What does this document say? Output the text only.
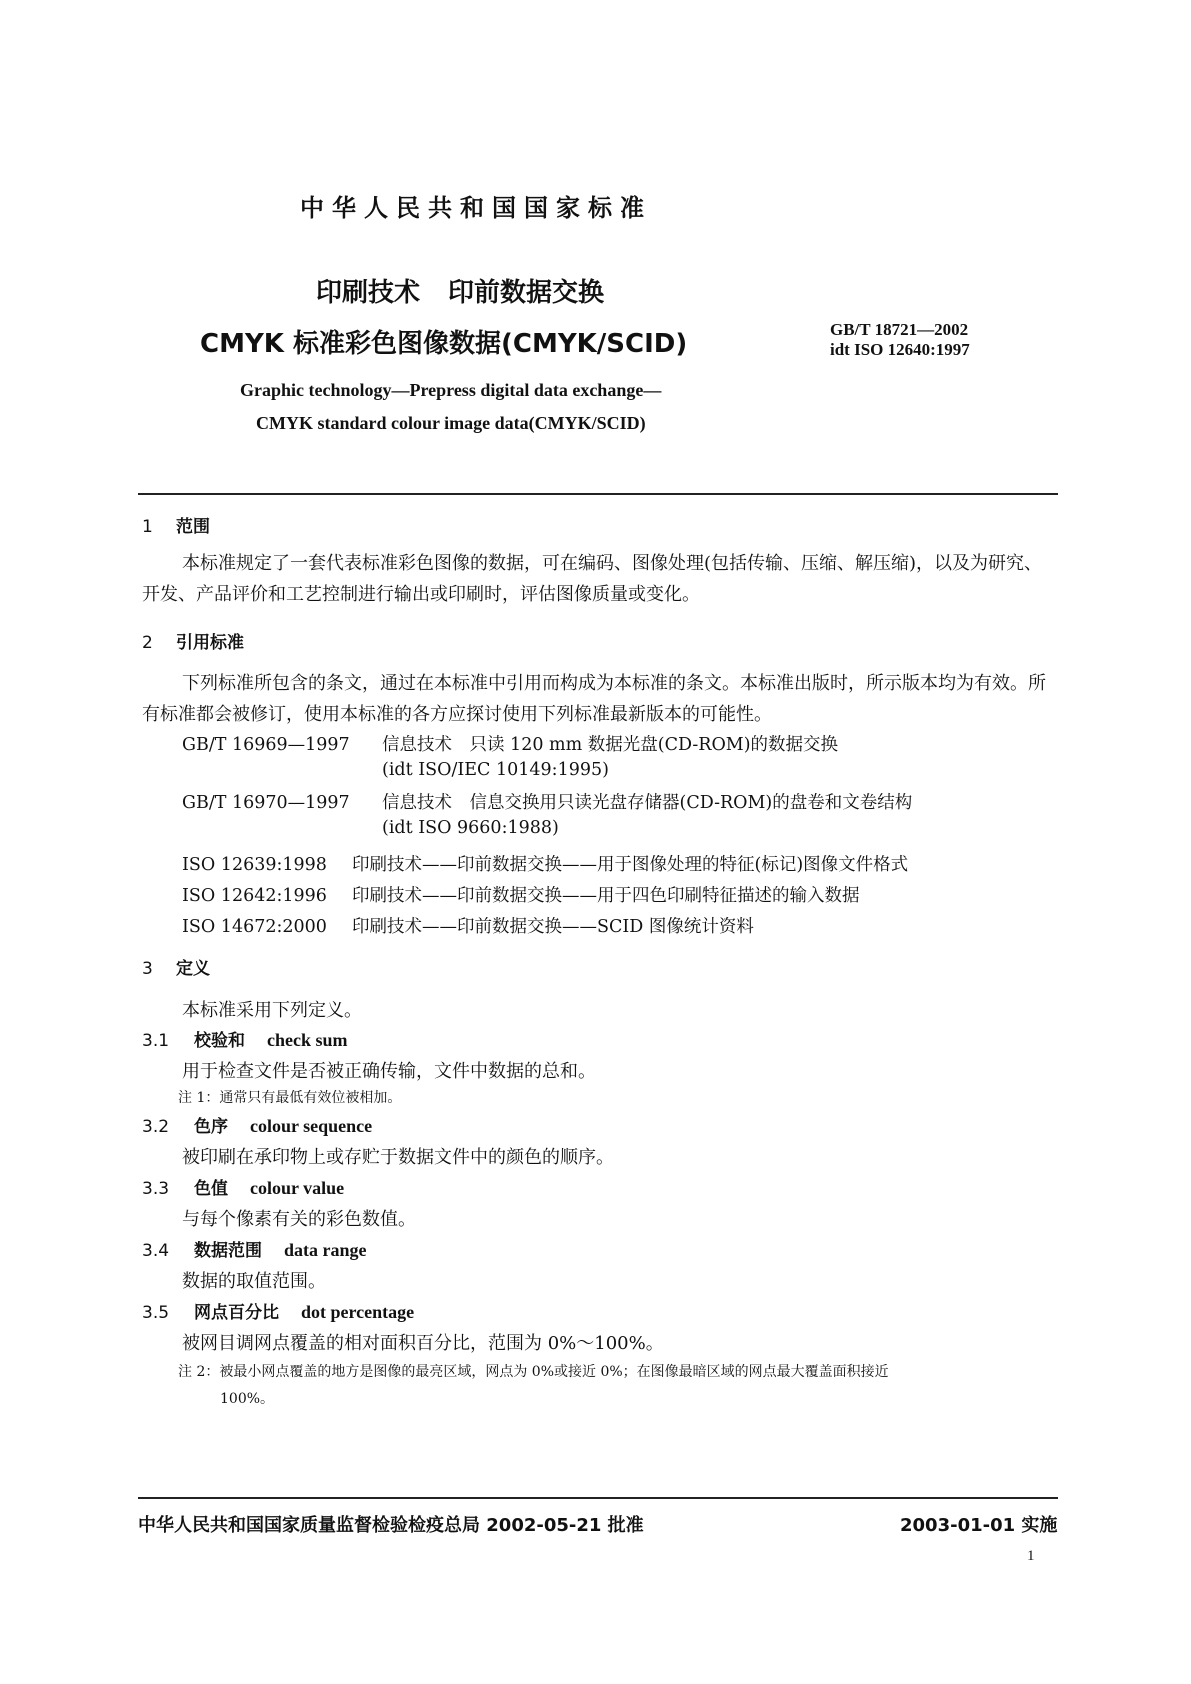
中华人民共和国国家标准
印刷技术 印前数据交换
CMYK 标准彩色图像数据(CMYK/SCID)	GB/T 18721—2002
idt ISO 12640:1997
Graphic technology—Prepress digital data exchange—
CMYK standard colour image data(CMYK/SCID)
1 范围
本标准规定了一套代表标准彩色图像的数据，可在编码、图像处理(包括传输、压缩、解压缩)，以及为研究、开发、产品评价和工艺控制进行输出或印刷时，评估图像质量或变化。
2 引用标准
下列标准所包含的条文，通过在本标准中引用而构成为本标准的条文。本标准出版时，所示版本均为有效。所有标准都会被修订，使用本标准的各方应探讨使用下列标准最新版本的可能性。
GB/T 16969—1997 信息技术　只读 120 mm 数据光盘(CD-ROM)的数据交换
(idt ISO/IEC 10149:1995)
GB/T 16970—1997 信息技术　信息交换用只读光盘存储器(CD-ROM)的盘卷和文卷结构
(idt ISO 9660:1988)
ISO 12639:1998 印刷技术——印前数据交换——用于图像处理的特征(标记)图像文件格式
ISO 12642:1996 印刷技术——印前数据交换——用于四色印刷特征描述的输入数据
ISO 14672:2000 印刷技术——印前数据交换——SCID 图像统计资料
3 定义
本标准采用下列定义。
3.1 校验和 check sum
用于检查文件是否被正确传输，文件中数据的总和。
注 1：通常只有最低有效位被相加。
3.2 色序 colour sequence
被印刷在承印物上或存贮于数据文件中的颜色的顺序。
3.3 色值 colour value
与每个像素有关的彩色数值。
3.4 数据范围 data range
数据的取值范围。
3.5 网点百分比 dot percentage
被网目调网点覆盖的相对面积百分比，范围为 0%～100%。
注 2：被最小网点覆盖的地方是图像的最亮区域，网点为 0%或接近 0%；在图像最暗区域的网点最大覆盖面积接近
100%。
中华人民共和国国家质量监督检验检疫总局 2002-05-21 批准	2003-01-01 实施
1
